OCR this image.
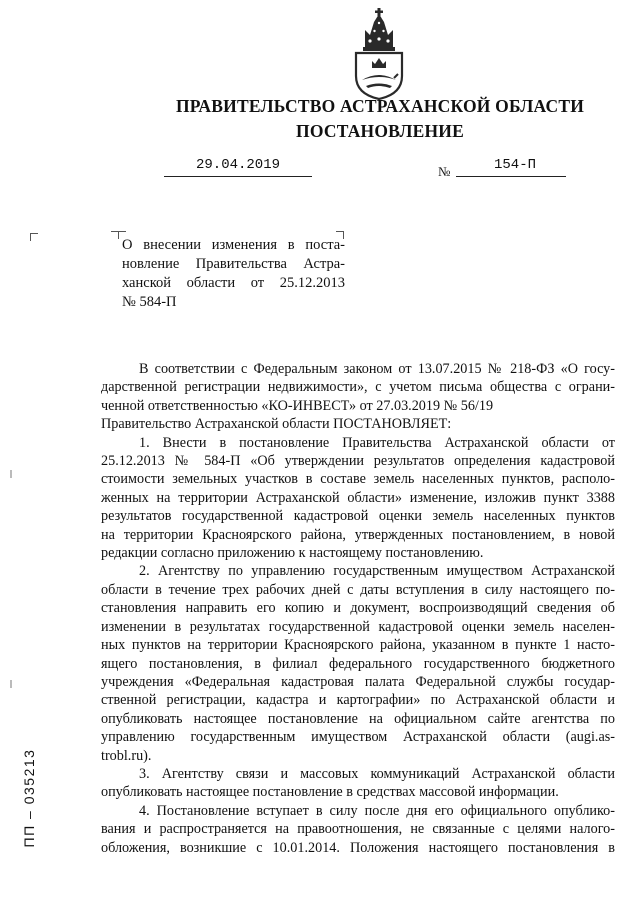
ПРАВИТЕЛЬСТВО АСТРАХАНСКОЙ ОБЛАСТИ
ПОСТАНОВЛЕНИЕ
29.04.2019	№	154-П
О внесении изменения в поста-
новление Правительства Астра-
ханской области от 25.12.2013
№ 584-П
В соответствии с Федеральным законом от 13.07.2015 № 218-ФЗ «О госу-
дарственной регистрации недвижимости», с учетом письма общества с ограни-
ченной ответственностью «КО-ИНВЕСТ» от 27.03.2019 № 56/19
Правительство Астраханской области ПОСТАНОВЛЯЕТ:
1. Внести в постановление Правительства Астраханской области от
25.12.2013 № 584-П «Об утверждении результатов определения кадастровой
стоимости земельных участков в составе земель населенных пунктов, располо-
женных на территории Астраханской области» изменение, изложив пункт 3388
результатов государственной кадастровой оценки земель населенных пунктов
на территории Красноярского района, утвержденных постановлением, в новой
редакции согласно приложению к настоящему постановлению.
2. Агентству по управлению государственным имуществом Астраханской
области в течение трех рабочих дней с даты вступления в силу настоящего по-
становления направить его копию и документ, воспроизводящий сведения об
изменении в результатах государственной кадастровой оценки земель населен-
ных пунктов на территории Красноярского района, указанном в пункте 1 насто-
ящего постановления, в филиал федерального государственного бюджетного
учреждения «Федеральная кадастровая палата Федеральной службы государ-
ственной регистрации, кадастра и картографии» по Астраханской области и
опубликовать настоящее постановление на официальном сайте агентства по
управлению государственным имуществом Астраханской области (augi.as-
trobl.ru).
3. Агентству связи и массовых коммуникаций Астраханской области
опубликовать настоящее постановление в средствах массовой информации.
4. Постановление вступает в силу после дня его официального опублико-
вания и распространяется на правоотношения, не связанные с целями налого-
обложения, возникшие с 10.01.2014. Положения настоящего постановления в
ПП – 035213
